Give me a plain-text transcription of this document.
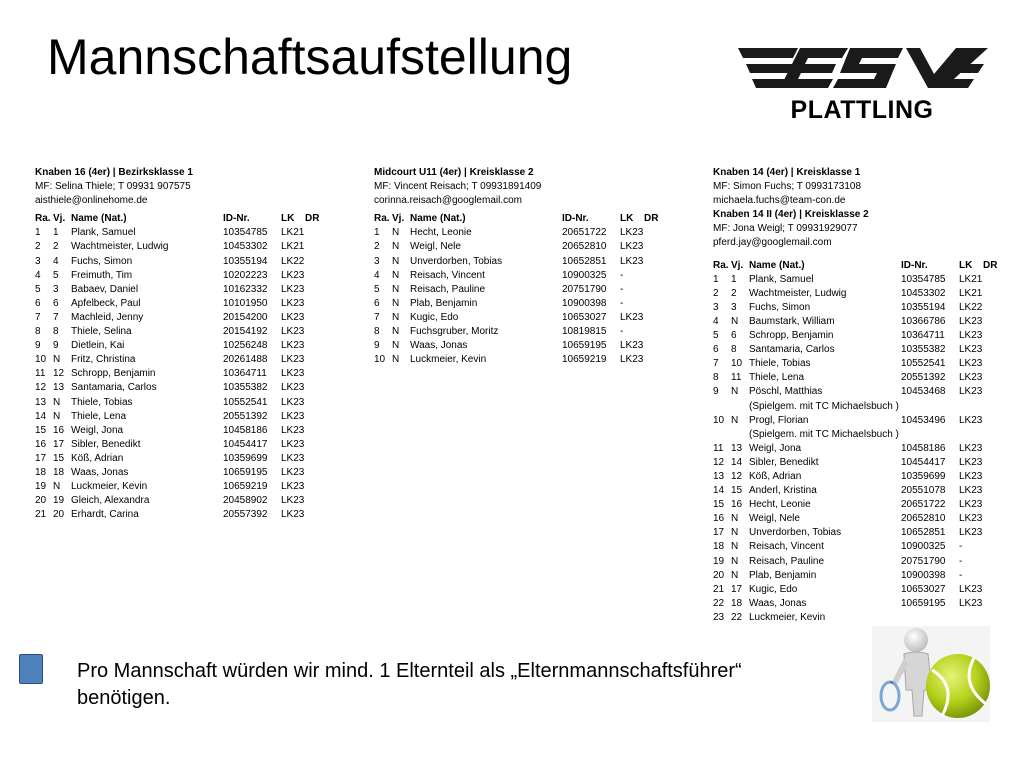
Mannschaftsaufstellung
PLATTLING
Knaben 16 (4er) | Bezirksklasse 1
MF: Selina Thiele; T 09931 907575
aisthiele@onlinehome.de
Ra.	Vj.	Name (Nat.)	ID-Nr.	LK	DR
1	1	Plank, Samuel	10354785	LK21	
2	2	Wachtmeister, Ludwig	10453302	LK21	
3	4	Fuchs, Simon	10355194	LK22	
4	5	Freimuth, Tim	10202223	LK23	
5	3	Babaev, Daniel	10162332	LK23	
6	6	Apfelbeck, Paul	10101950	LK23	
7	7	Machleid, Jenny	20154200	LK23	
8	8	Thiele, Selina	20154192	LK23	
9	9	Dietlein, Kai	10256248	LK23	
10	N	Fritz, Christina	20261488	LK23	
11	12	Schropp, Benjamin	10364711	LK23	
12	13	Santamaria, Carlos	10355382	LK23	
13	N	Thiele, Tobias	10552541	LK23	
14	N	Thiele, Lena	20551392	LK23	
15	16	Weigl, Jona	10458186	LK23	
16	17	Sibler, Benedikt	10454417	LK23	
17	15	Köß, Adrian	10359699	LK23	
18	18	Waas, Jonas	10659195	LK23	
19	N	Luckmeier, Kevin	10659219	LK23	
20	19	Gleich, Alexandra	20458902	LK23	
21	20	Erhardt, Carina	20557392	LK23	
Midcourt U11 (4er) | Kreisklasse 2
MF: Vincent Reisach; T 09931891409
corinna.reisach@googlemail.com
Ra.	Vj.	Name (Nat.)	ID-Nr.	LK	DR
1	N	Hecht, Leonie	20651722	LK23	
2	N	Weigl, Nele	20652810	LK23	
3	N	Unverdorben, Tobias	10652851	LK23	
4	N	Reisach, Vincent	10900325	-	
5	N	Reisach, Pauline	20751790	-	
6	N	Plab, Benjamin	10900398	-	
7	N	Kugic, Edo	10653027	LK23	
8	N	Fuchsgruber, Moritz	10819815	-	
9	N	Waas, Jonas	10659195	LK23	
10	N	Luckmeier, Kevin	10659219	LK23	
Knaben 14 (4er) | Kreisklasse 1
MF: Simon Fuchs; T 0993173108
michaela.fuchs@team-con.de
Knaben 14 II (4er) | Kreisklasse 2
MF: Jona Weigl; T 09931929077
pferd.jay@googlemail.com
Ra.	Vj.	Name (Nat.)	ID-Nr.	LK	DR
1	1	Plank, Samuel	10354785	LK21	
2	2	Wachtmeister, Ludwig	10453302	LK21	
3	3	Fuchs, Simon	10355194	LK22	
4	N	Baumstark, William	10366786	LK23	
5	6	Schropp, Benjamin	10364711	LK23	
6	8	Santamaria, Carlos	10355382	LK23	
7	10	Thiele, Tobias	10552541	LK23	
8	11	Thiele, Lena	20551392	LK23	
9	N	Pöschl, Matthias	10453468	LK23	
(Spielgem. mit TC Michaelsbuch )					
10	N	Progl, Florian	10453496	LK23	
(Spielgem. mit TC Michaelsbuch )					
11	13	Weigl, Jona	10458186	LK23	
12	14	Sibler, Benedikt	10454417	LK23	
13	12	Köß, Adrian	10359699	LK23	
14	15	Anderl, Kristina	20551078	LK23	
15	16	Hecht, Leonie	20651722	LK23	
16	N	Weigl, Nele	20652810	LK23	
17	N	Unverdorben, Tobias	10652851	LK23	
18	N	Reisach, Vincent	10900325	-	
19	N	Reisach, Pauline	20751790	-	
20	N	Plab, Benjamin	10900398	-	
21	17	Kugic, Edo	10653027	LK23	
22	18	Waas, Jonas	10659195	LK23	
23	22	Luckmeier, Kevin			
Pro Mannschaft würden wir mind. 1 Elternteil als „Elternmannschaftsführer“
benötigen.
